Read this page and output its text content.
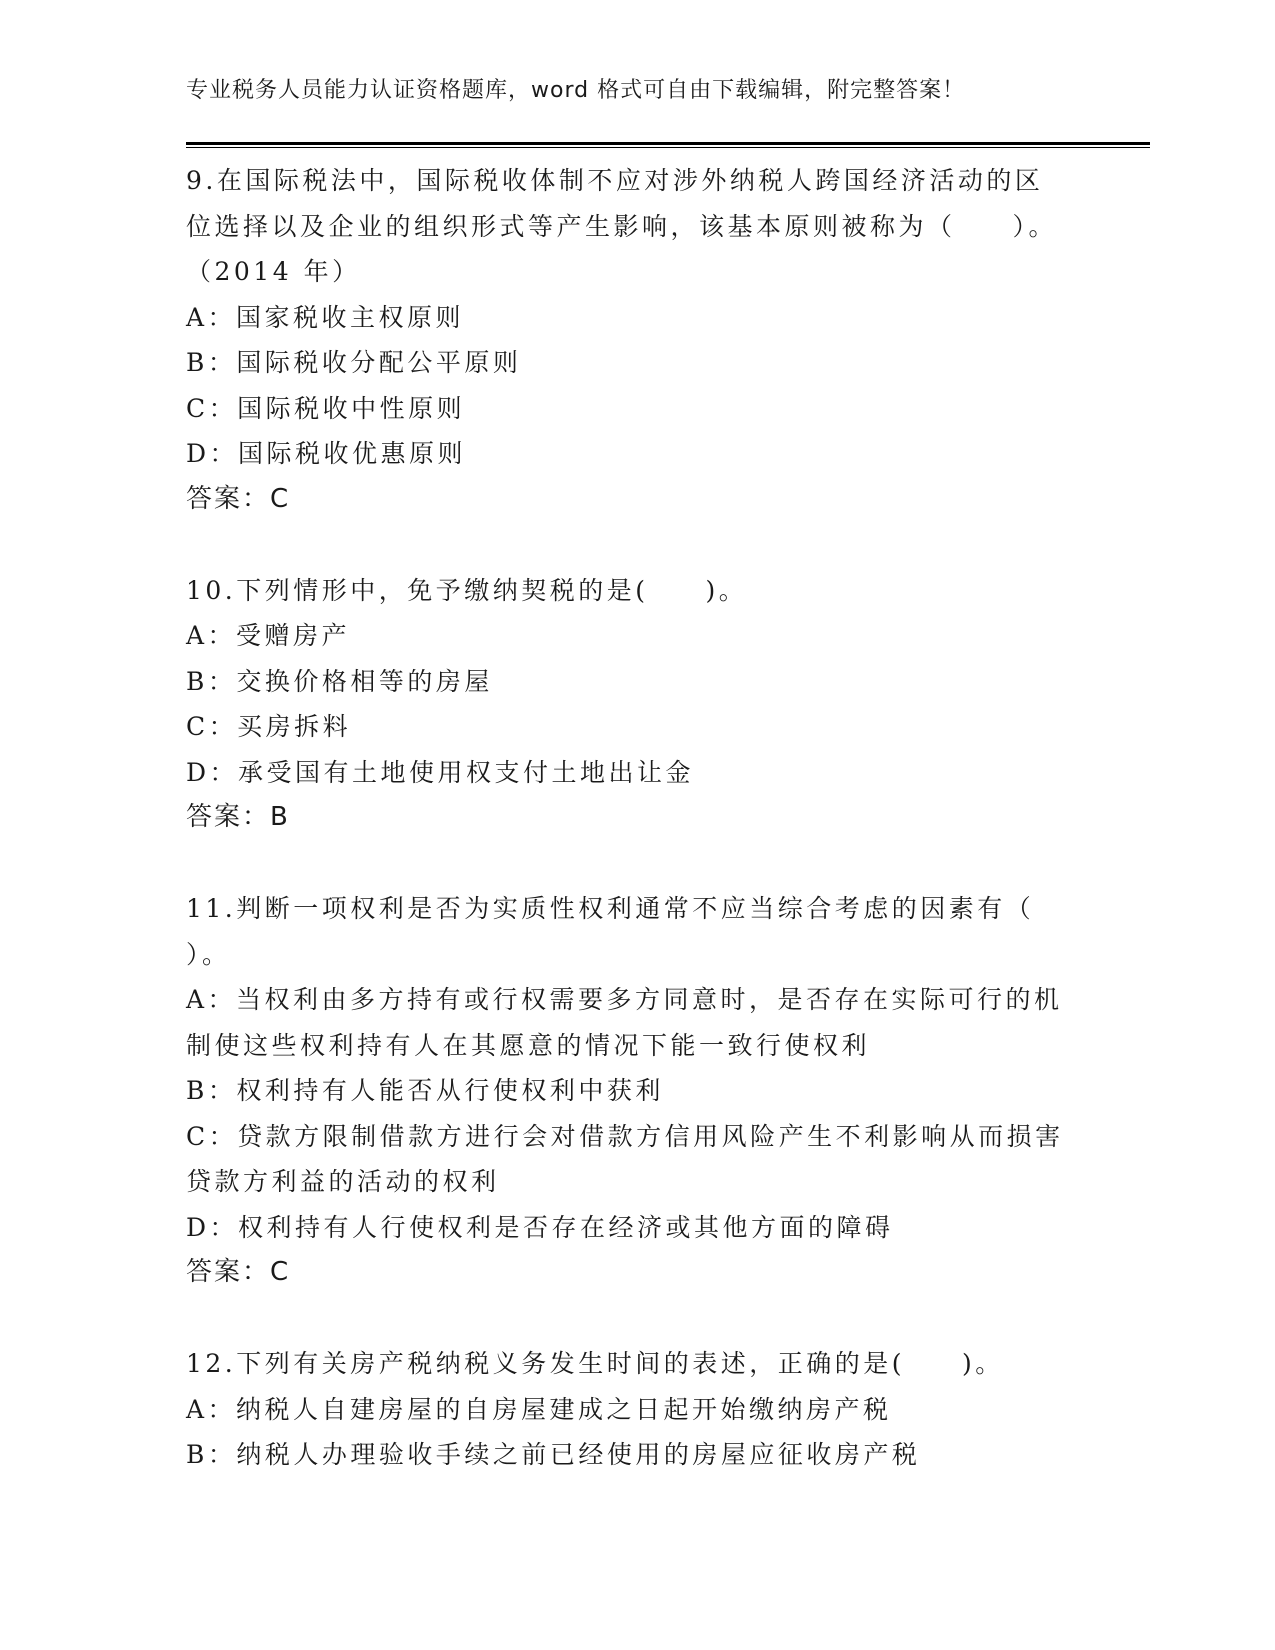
专业税务人员能力认证资格题库，word 格式可自由下载编辑，附完整答案！
9.在国际税法中，国际税收体制不应对涉外纳税人跨国经济活动的区
位选择以及企业的组织形式等产生影响，该基本原则被称为（　　）。
（2014 年）
A：国家税收主权原则
B：国际税收分配公平原则
C：国际税收中性原则
D：国际税收优惠原则
答案：C
10.下列情形中，免予缴纳契税的是(　　)。
A：受赠房产
B：交换价格相等的房屋
C：买房拆料
D：承受国有土地使用权支付土地出让金
答案：B
11.判断一项权利是否为实质性权利通常不应当综合考虑的因素有（
）。
A：当权利由多方持有或行权需要多方同意时，是否存在实际可行的机
制使这些权利持有人在其愿意的情况下能一致行使权利
B：权利持有人能否从行使权利中获利
C：贷款方限制借款方进行会对借款方信用风险产生不利影响从而损害
贷款方利益的活动的权利
D：权利持有人行使权利是否存在经济或其他方面的障碍
答案：C
12.下列有关房产税纳税义务发生时间的表述，正确的是(　　)。
A：纳税人自建房屋的自房屋建成之日起开始缴纳房产税
B：纳税人办理验收手续之前已经使用的房屋应征收房产税
